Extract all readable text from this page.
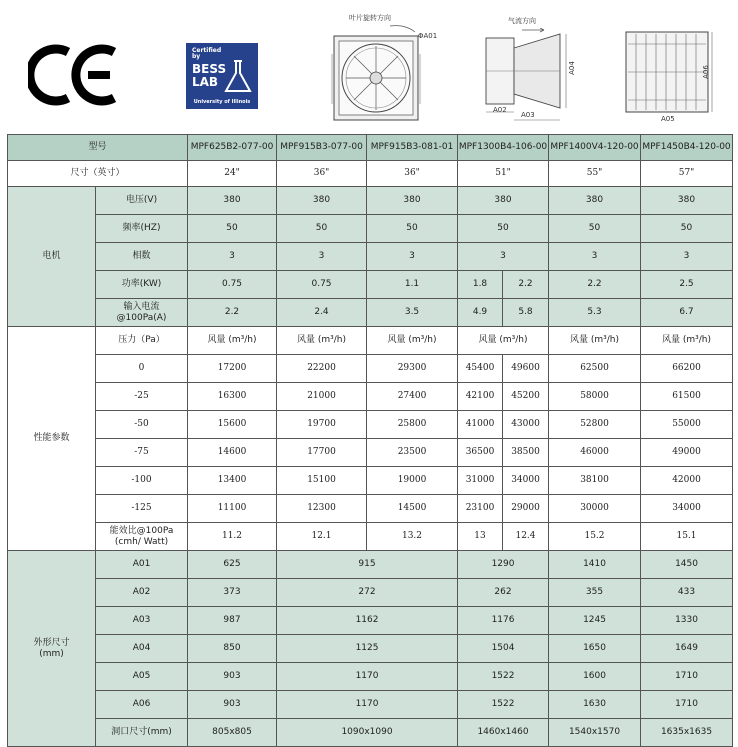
Certified
by
BESS
LAB
University of Illinois
叶片旋转方向
ΦA01
气流方向
A04
A02
A03
A06
A05
型号		MPF625B2-077-00	MPF915B3-077-00	MPF915B3-081-01	MPF1300B4-106-00		MPF1400V4-120-00	MPF1450B4-120-00
尺寸（英寸）		24"	36"	36"	51"		55"	57"
电机	电压(V)	380	380	380	380		380	380
	频率(HZ)	50	50	50	50		50	50
	相数	3	3	3	3		3	3
	功率(KW)	0.75	0.75	1.1	1.8	2.2	2.2	2.5
	输入电流
@100Pa(A)	2.2	2.4	3.5	4.9	5.8	5.3	6.7
性能参数	压力（Pa）	风量 (m³/h)	风量 (m³/h)	风量 (m³/h)	风量 (m³/h)		风量 (m³/h)	风量 (m³/h)
	0	17200	22200	29300	45400	49600	62500	66200
	-25	16300	21000	27400	42100	45200	58000	61500
	-50	15600	19700	25800	41000	43000	52800	55000
	-75	14600	17700	23500	36500	38500	46000	49000
	-100	13400	15100	19000	31000	34000	38100	42000
	-125	11100	12300	14500	23100	29000	30000	34000
	能效比@100Pa
(cmh/ Watt)	11.2	12.1	13.2	13	12.4	15.2	15.1
外形尺寸
(mm)	A01	625	915		1290		1410	1450
	A02	373	272		262		355	433
	A03	987	1162		1176		1245	1330
	A04	850	1125		1504		1650	1649
	A05	903	1170		1522		1600	1710
	A06	903	1170		1522		1630	1710
	洞口尺寸(mm)	805x805	1090x1090		1460x1460		1540x1570	1635x1635
